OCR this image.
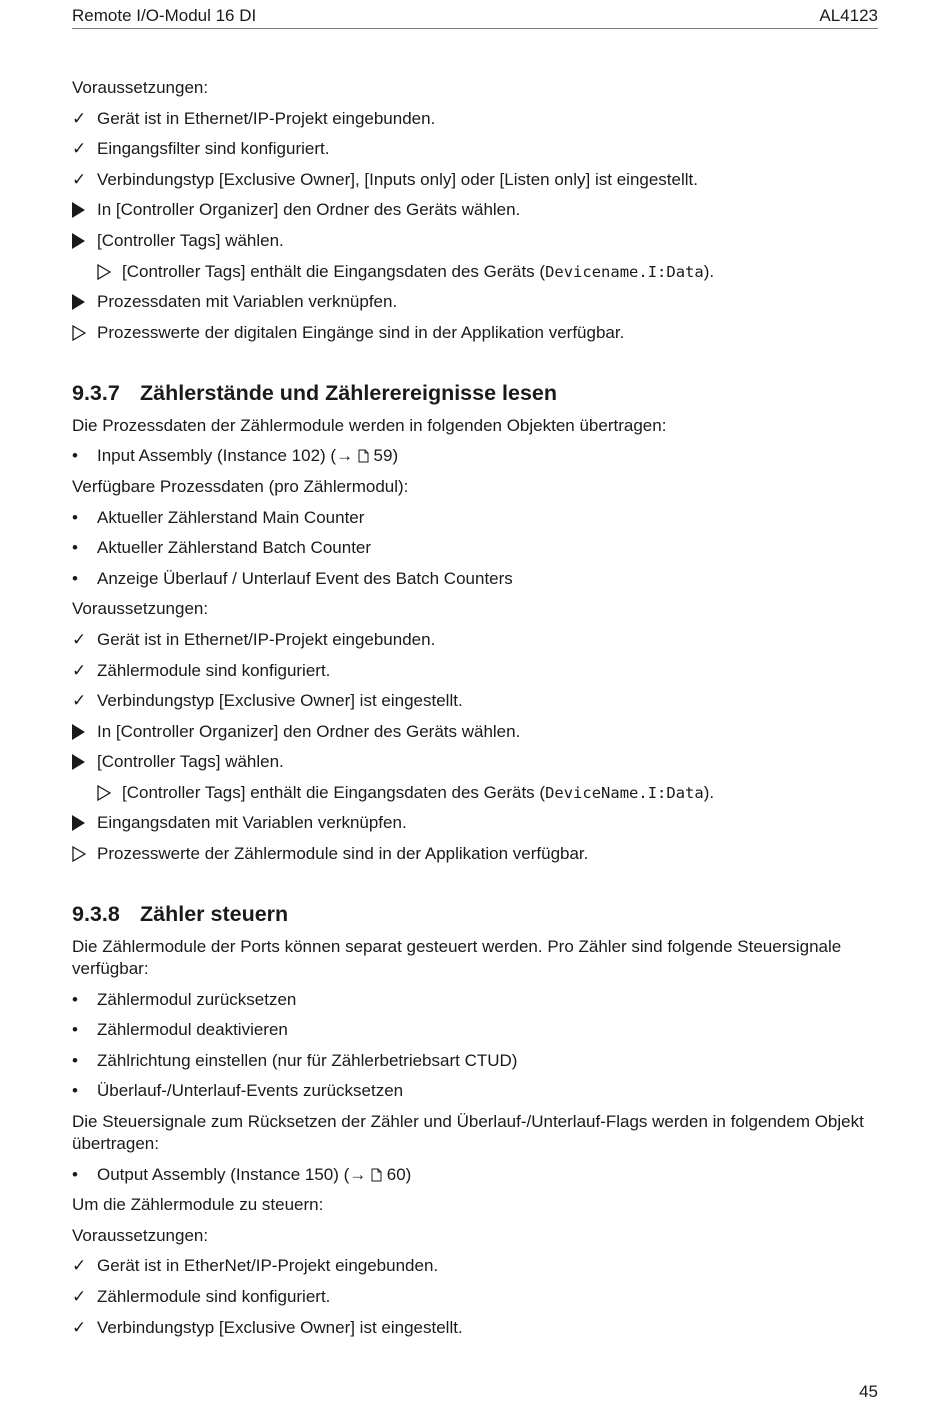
Remote I/O-Modul 16 DI	AL4123
Voraussetzungen:
✓ Gerät ist in Ethernet/IP-Projekt eingebunden.
✓ Eingangsfilter sind konfiguriert.
✓ Verbindungstyp [Exclusive Owner], [Inputs only] oder [Listen only] ist eingestellt.
In [Controller Organizer] den Ordner des Geräts wählen.
[Controller Tags] wählen.
[Controller Tags] enthält die Eingangsdaten des Geräts (Devicename.I:Data).
Prozessdaten mit Variablen verknüpfen.
Prozesswerte der digitalen Eingänge sind in der Applikation verfügbar.
9.3.7 Zählerstände und Zählerereignisse lesen
Die Prozessdaten der Zählermodule werden in folgenden Objekten übertragen:
•	Input Assembly (Instance 102) (→ 59)
Verfügbare Prozessdaten (pro Zählermodul):
•	Aktueller Zählerstand Main Counter
•	Aktueller Zählerstand Batch Counter
•	Anzeige Überlauf / Unterlauf Event des Batch Counters
Voraussetzungen:
✓ Gerät ist in Ethernet/IP-Projekt eingebunden.
✓ Zählermodule sind konfiguriert.
✓ Verbindungstyp [Exclusive Owner] ist eingestellt.
In [Controller Organizer] den Ordner des Geräts wählen.
[Controller Tags] wählen.
[Controller Tags] enthält die Eingangsdaten des Geräts (DeviceName.I:Data).
Eingangsdaten mit Variablen verknüpfen.
Prozesswerte der Zählermodule sind in der Applikation verfügbar.
9.3.8 Zähler steuern
Die Zählermodule der Ports können separat gesteuert werden. Pro Zähler sind folgende Steuersignale verfügbar:
•	Zählermodul zurücksetzen
•	Zählermodul deaktivieren
•	Zählrichtung einstellen (nur für Zählerbetriebsart CTUD)
•	Überlauf-/Unterlauf-Events zurücksetzen
Die Steuersignale zum Rücksetzen der Zähler und Überlauf-/Unterlauf-Flags werden in folgendem Objekt übertragen:
•	Output Assembly (Instance 150) (→ 60)
Um die Zählermodule zu steuern:
Voraussetzungen:
✓ Gerät ist in EtherNet/IP-Projekt eingebunden.
✓ Zählermodule sind konfiguriert.
✓ Verbindungstyp [Exclusive Owner] ist eingestellt.
45
